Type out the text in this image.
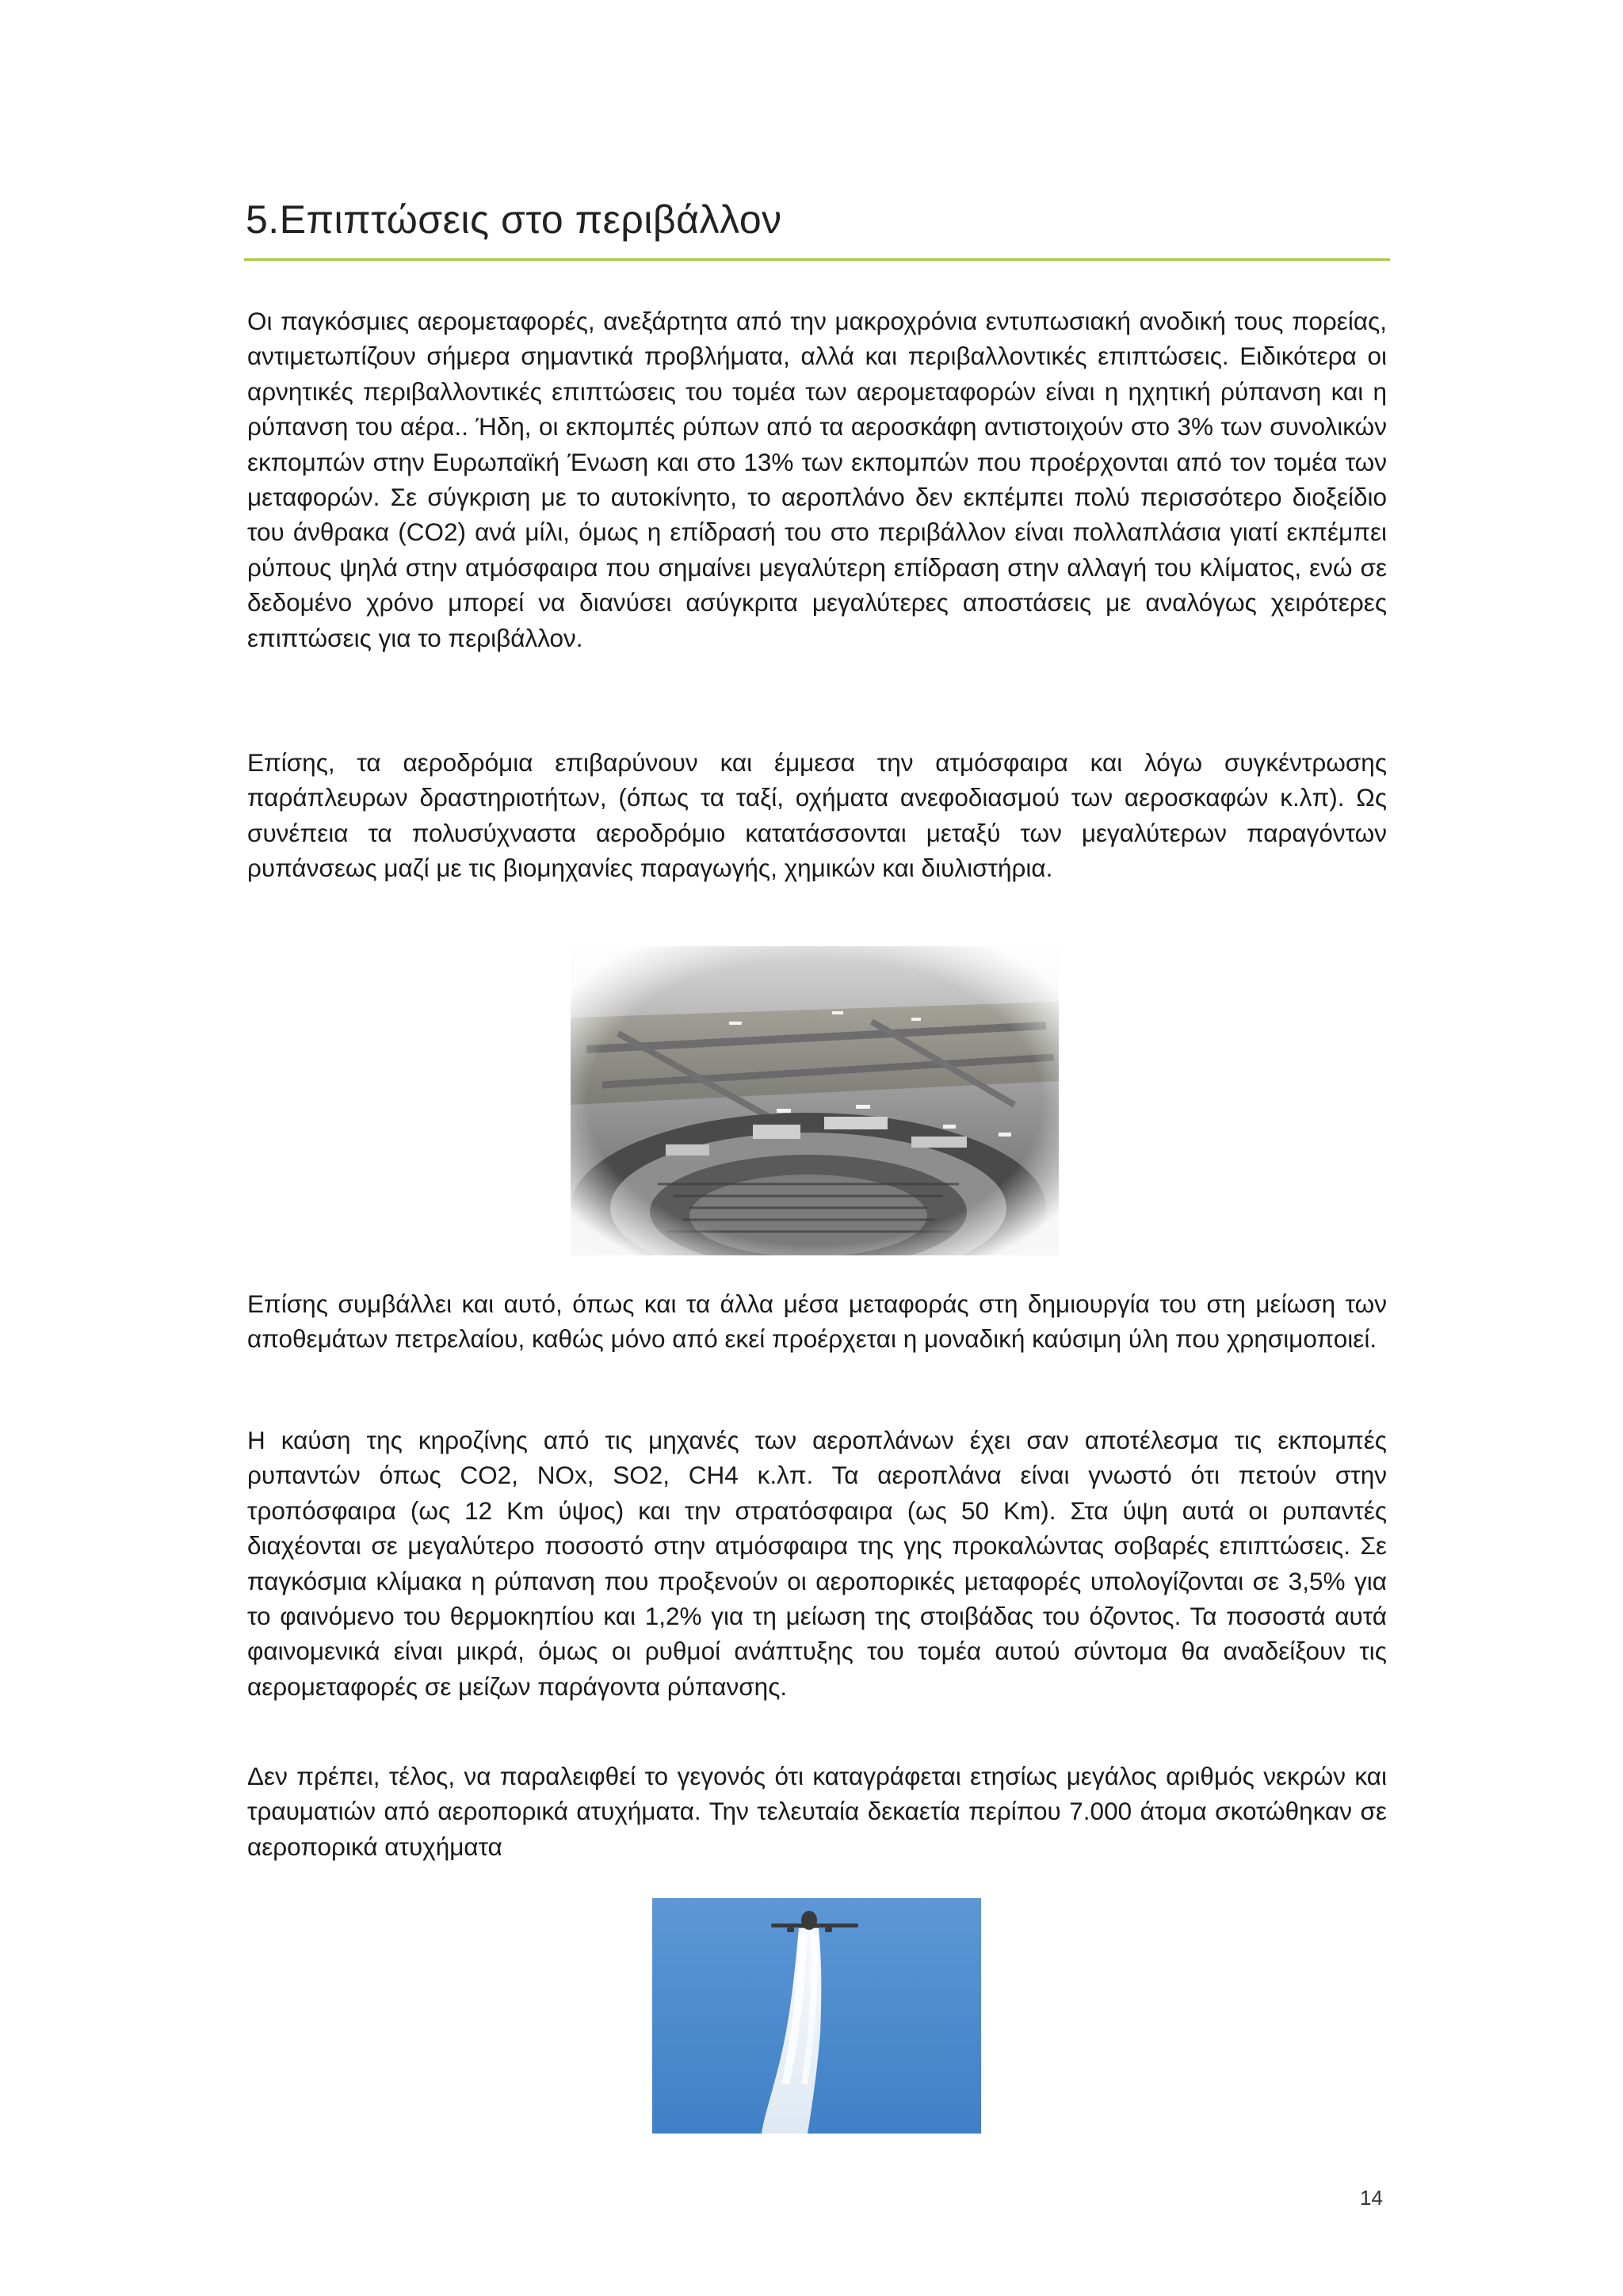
5.Επιπτώσεις στο περιβάλλον

Οι παγκόσμιες αερομεταφορές, ανεξάρτητα από την μακροχρόνια εντυπωσιακή ανοδική τους πορείας, αντιμετωπίζουν σήμερα σημαντικά προβλήματα, αλλά και περιβαλλοντικές επιπτώσεις. Ειδικότερα οι αρνητικές περιβαλλοντικές επιπτώσεις του τομέα των αερομεταφορών είναι η ηχητική ρύπανση και η ρύπανση του αέρα.. Ήδη, οι εκπομπές ρύπων από τα αεροσκάφη αντιστοιχούν στο 3% των συνολικών εκπομπών στην Ευρωπαϊκή Ένωση και στο 13% των εκπομπών που προέρχονται από τον τομέα των μεταφορών. Σε σύγκριση με το αυτοκίνητο, το αεροπλάνο δεν εκπέμπει πολύ περισσότερο διοξείδιο του άνθρακα (CO2) ανά μίλι, όμως η επίδρασή του στο περιβάλλον είναι πολλαπλάσια γιατί εκπέμπει ρύπους ψηλά στην ατμόσφαιρα που σημαίνει μεγαλύτερη επίδραση στην αλλαγή του κλίματος, ενώ σε δεδομένο χρόνο μπορεί να διανύσει ασύγκριτα μεγαλύτερες αποστάσεις με αναλόγως χειρότερες επιπτώσεις για το περιβάλλον.

Επίσης, τα αεροδρόμια επιβαρύνουν και έμμεσα την ατμόσφαιρα και λόγω συγκέντρωσης παράπλευρων δραστηριοτήτων, (όπως τα ταξί, οχήματα ανεφοδιασμού των αεροσκαφών κ.λπ). Ως συνέπεια τα πολυσύχναστα αεροδρόμιο κατατάσσονται μεταξύ των μεγαλύτερων παραγόντων ρυπάνσεως μαζί με τις βιομηχανίες παραγωγής, χημικών και διυλιστήρια.

Επίσης συμβάλλει και αυτό, όπως και τα άλλα μέσα μεταφοράς στη δημιουργία του στη μείωση των αποθεμάτων πετρελαίου, καθώς μόνο από εκεί προέρχεται η μοναδική καύσιμη ύλη που χρησιμοποιεί.

Η καύση της κηροζίνης από τις μηχανές των αεροπλάνων έχει σαν αποτέλεσμα τις εκπομπές ρυπαντών όπως CO2, NOx, SO2, CH4 κ.λπ. Τα αεροπλάνα είναι γνωστό ότι πετούν στην τροπόσφαιρα (ως 12 Km ύψος) και την στρατόσφαιρα (ως 50 Km). Στα ύψη αυτά οι ρυπαντές διαχέονται σε μεγαλύτερο ποσοστό στην ατμόσφαιρα της γης προκαλώντας σοβαρές επιπτώσεις. Σε παγκόσμια κλίμακα η ρύπανση που προξενούν οι αεροπορικές μεταφορές υπολογίζονται σε 3,5% για το φαινόμενο του θερμοκηπίου και 1,2% για τη μείωση της στοιβάδας του όζοντος. Τα ποσοστά αυτά φαινομενικά είναι μικρά, όμως οι ρυθμοί ανάπτυξης του τομέα αυτού σύντομα θα αναδείξουν τις αερομεταφορές σε μείζων παράγοντα ρύπανσης.

Δεν πρέπει, τέλος, να παραλειφθεί το γεγονός ότι καταγράφεται ετησίως μεγάλος αριθμός νεκρών και τραυματιών από αεροπορικά ατυχήματα. Την τελευταία δεκαετία περίπου 7.000 άτομα σκοτώθηκαν σε αεροπορικά ατυχήματα

14
